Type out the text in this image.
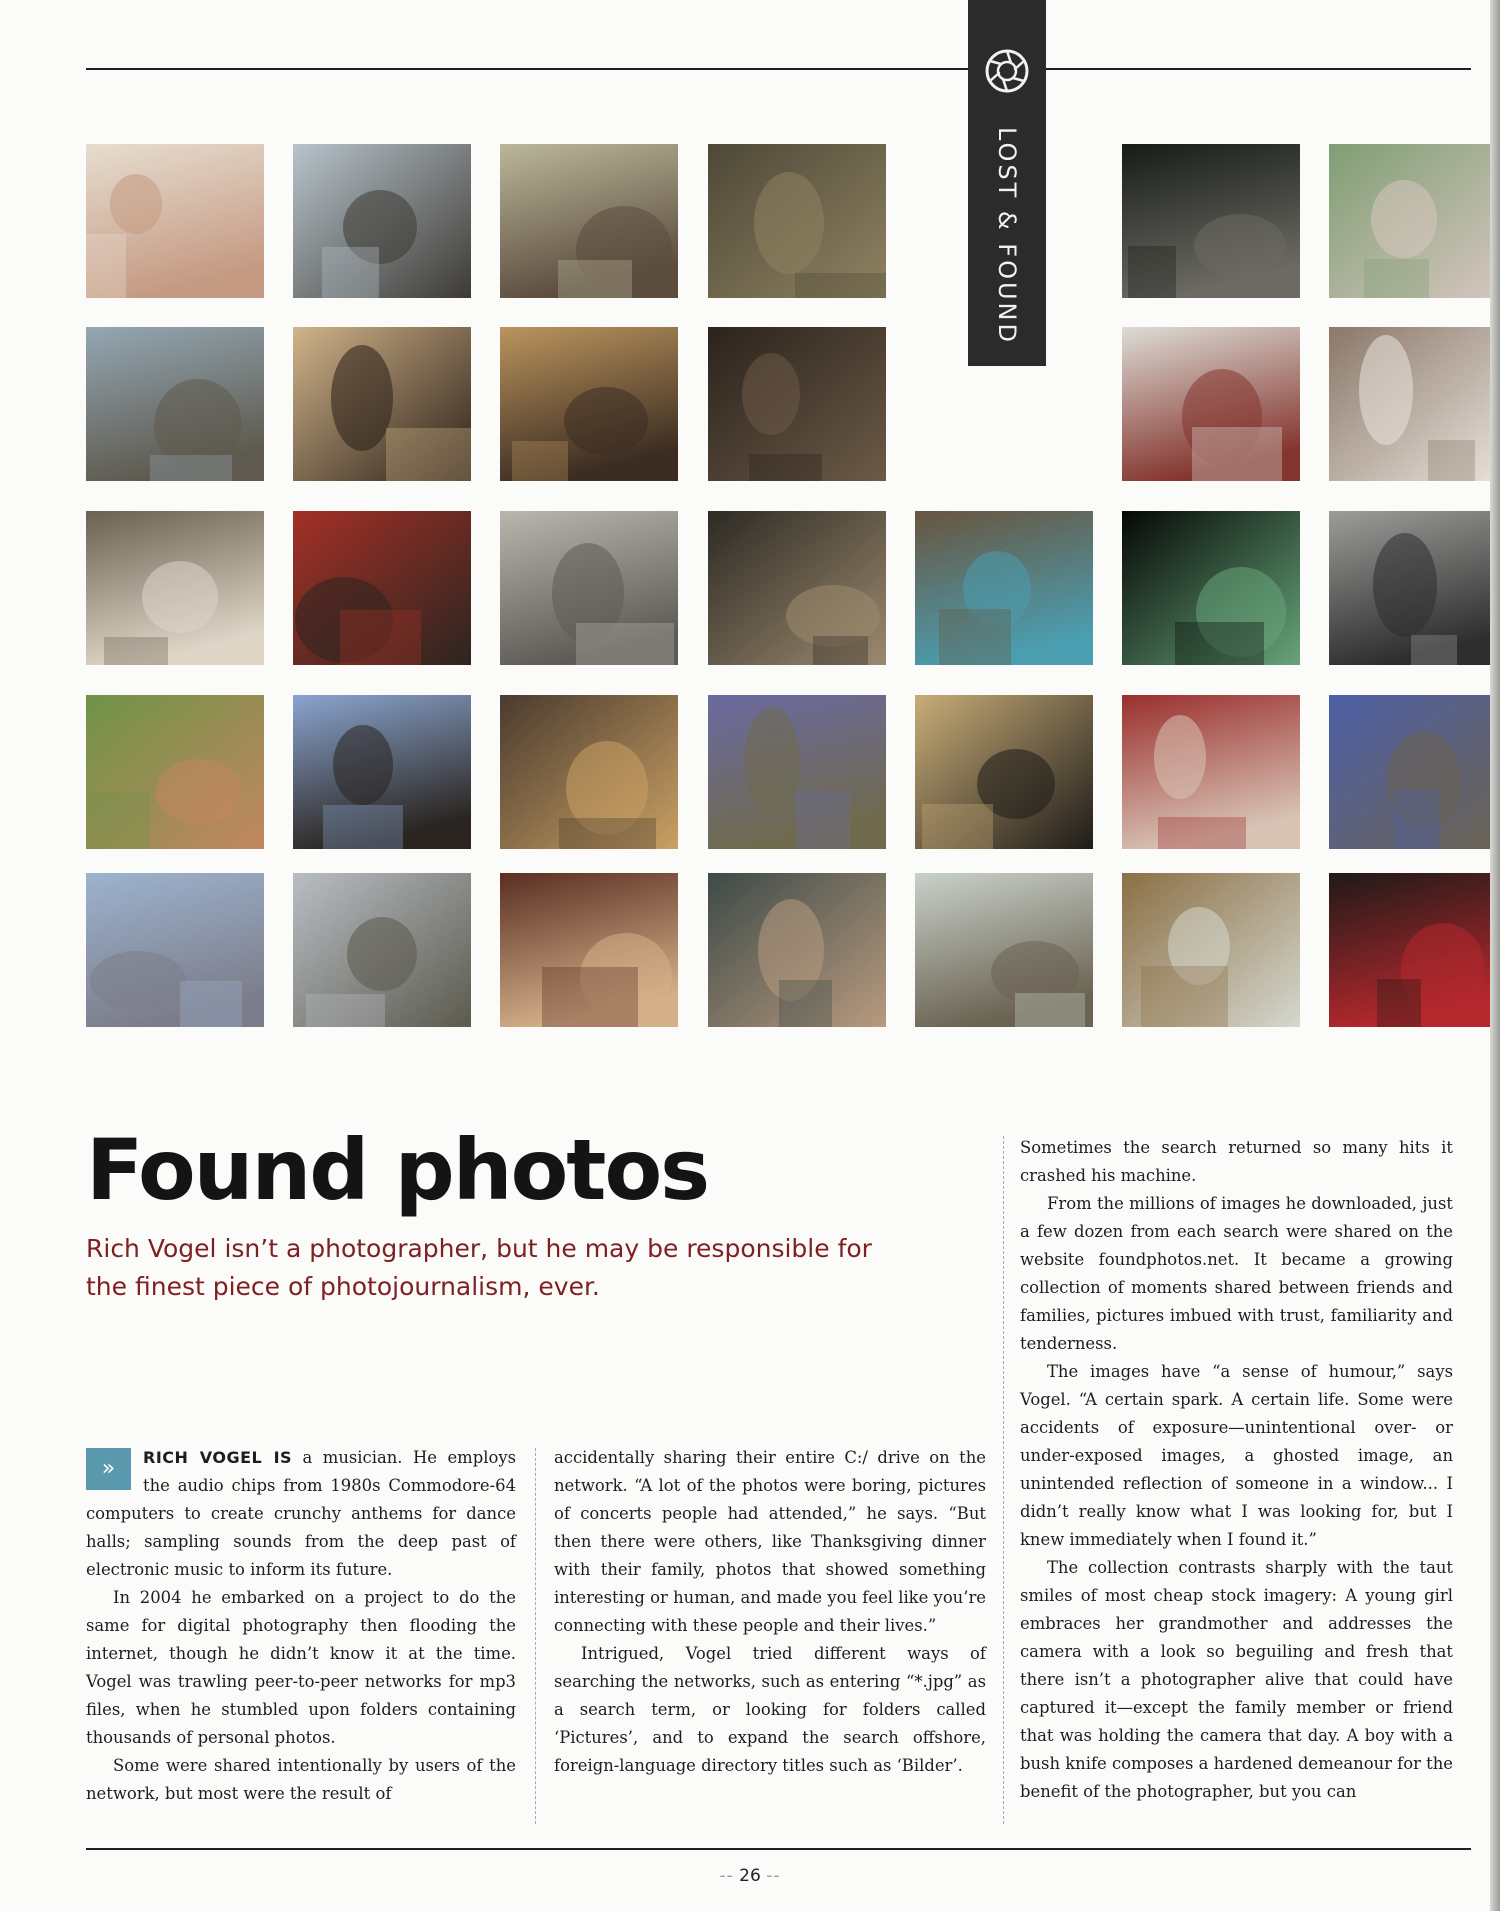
LOST & FOUND
Found photos

Rich Vogel isn’t a photographer, but he may be responsible for the finest piece of photojournalism, ever.

»	RICH VOGEL IS a musician. He employs the audio chips from 1980s Commodore-64 computers to create crunchy anthems for dance halls; sampling sounds from the deep past of electronic music to inform its future.

In 2004 he embarked on a project to do the same for digital photography then flooding the internet, though he didn’t know it at the time. Vogel was trawling peer-to-peer networks for mp3 files, when he stumbled upon folders containing thousands of personal photos.

Some were shared intentionally by users of the network, but most were the result of

accidentally sharing their entire C:/ drive on the network. “A lot of the photos were boring, pictures of concerts people had attended,” he says. “But then there were others, like Thanksgiving dinner with their family, photos that showed something interesting or human, and made you feel like you’re connecting with these people and their lives.”

Intrigued, Vogel tried different ways of searching the networks, such as entering “*.jpg” as a search term, or looking for folders called ‘Pictures’, and to expand the search offshore, foreign-language directory titles such as ‘Bilder’.

Sometimes the search returned so many hits it crashed his machine.

From the millions of images he downloaded, just a few dozen from each search were shared on the website foundphotos.net. It became a growing collection of moments shared between friends and families, pictures imbued with trust, familiarity and tenderness.

The images have “a sense of humour,” says Vogel. “A certain spark. A certain life. Some were accidents of exposure—unintentional over- or under-exposed images, a ghosted image, an unintended reflection of someone in a window... I didn’t really know what I was looking for, but I knew immediately when I found it.”

The collection contrasts sharply with the taut smiles of most cheap stock imagery: A young girl embraces her grandmother and addresses the camera with a look so beguiling and fresh that there isn’t a photographer alive that could have captured it—except the family member or friend that was holding the camera that day. A boy with a bush knife composes a hardened demeanour for the benefit of the photographer, but you can

-- 26 --
